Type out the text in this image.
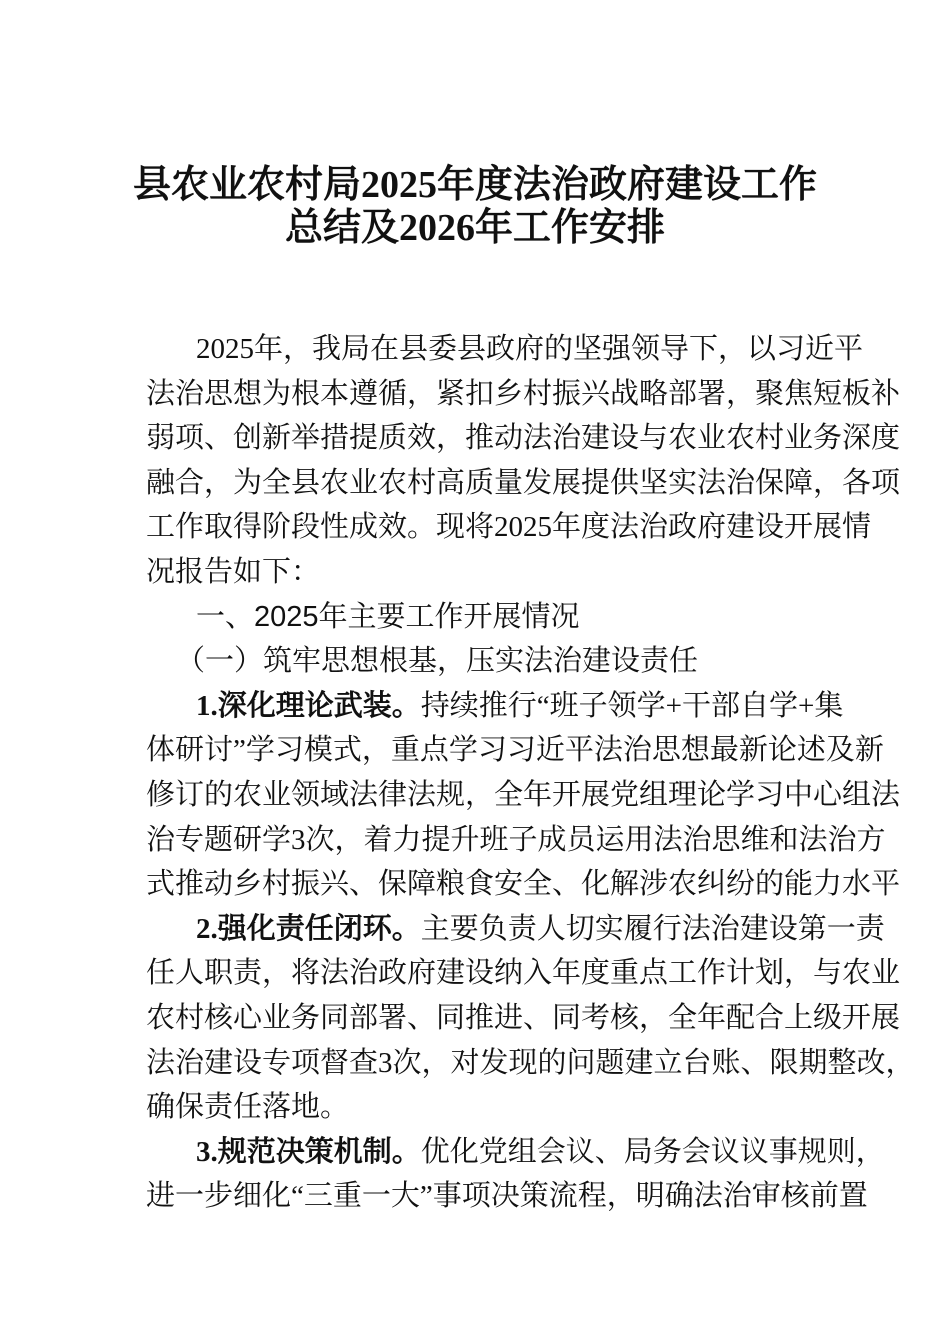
县农业农村局2025年度法治政府建设工作
总结及2026年工作安排
2025年，我局在县委县政府的坚强领导下，以习近平
法治思想为根本遵循，紧扣乡村振兴战略部署，聚焦短板补
弱项、创新举措提质效，推动法治建设与农业农村业务深度
融合，为全县农业农村高质量发展提供坚实法治保障，各项
工作取得阶段性成效。现将2025年度法治政府建设开展情
况报告如下：
一、2025年主要工作开展情况
（一）筑牢思想根基，压实法治建设责任
1.深化理论武装。持续推行“班子领学+干部自学+集
体研讨”学习模式，重点学习习近平法治思想最新论述及新
修订的农业领域法律法规，全年开展党组理论学习中心组法
治专题研学3次，着力提升班子成员运用法治思维和法治方
式推动乡村振兴、保障粮食安全、化解涉农纠纷的能力水平
2.强化责任闭环。主要负责人切实履行法治建设第一责
任人职责，将法治政府建设纳入年度重点工作计划，与农业
农村核心业务同部署、同推进、同考核，全年配合上级开展
法治建设专项督查3次，对发现的问题建立台账、限期整改，
确保责任落地。
3.规范决策机制。优化党组会议、局务会议议事规则，
进一步细化“三重一大”事项决策流程，明确法治审核前置
